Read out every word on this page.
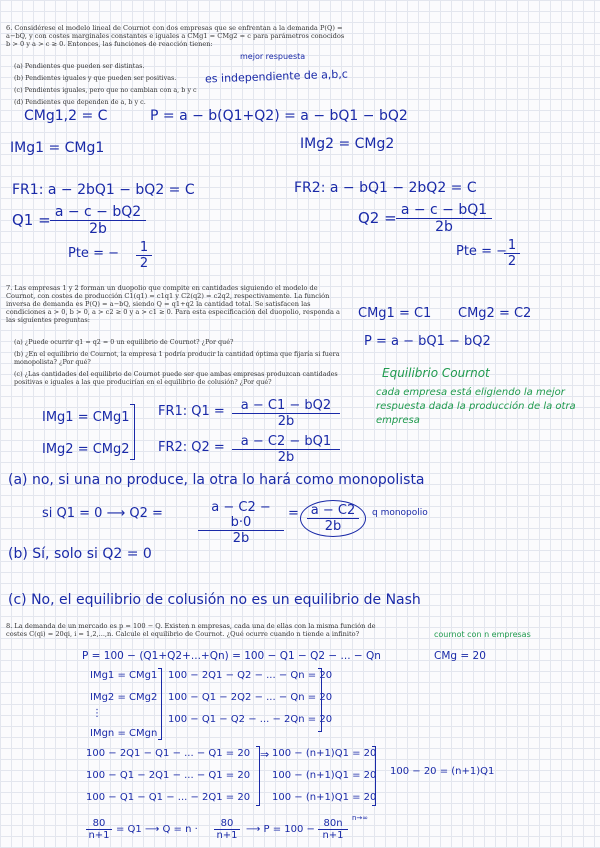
6. Considérese el modelo lineal de Cournot con dos empresas que se enfrentan a la demanda P(Q) = a−bQ, y con costes marginales constantes e iguales a CMg1 = CMg2 = c para parámetros conocidos b > 0 y a > c ≥ 0. Entonces, las funciones de reacción tienen:
mejor respuesta
(a) Pendientes que pueden ser distintas.
(b) Pendientes iguales y que pueden ser positivas.
(c) Pendientes iguales, pero que no cambian con a, b y c
(d) Pendientes que dependen de a, b y c.
es independiente de a,b,c
CMg1,2 = C	P = a − b(Q1+Q2) = a − bQ1 − bQ2
IMg1 = CMg1	IMg2 = CMg2
FR1: a − 2bQ1 − bQ2 = C	FR2: a − bQ1 − 2bQ2 = C
$Q1 = \frac{a - c - bQ2}{2b}$	$Q2 = \frac{a - c - bQ1}{2b}$
Pte = − $\frac{1}{2}$	Pte = −
$\frac{1}{2}$
7. Las empresas 1 y 2 forman un duopolio que compite en cantidades siguiendo el modelo de Cournot, con costes de producción C1(q1) = c1q1 y C2(q2) = c2q2, respectivamente. La función inversa de demanda es P(Q) = a−bQ, siendo Q = q1+q2 la cantidad total. Se satisfacen las condiciones a > 0, b > 0, a > c2 ≥ 0 y a > c1 ≥ 0. Para esta especificación del duopolio, responda a las siguientes preguntas:
(a) ¿Puede ocurrir q1 = q2 = 0 un equilibrio de Cournot? ¿Por qué?
(b) ¿En el equilibrio de Cournot, la empresa 1 podría producir la cantidad óptima que fijaría si fuera monopolista? ¿Por qué?
(c) ¿Las cantidades del equilibrio de Cournot puede ser que ambas empresas produzcan cantidades positivas e iguales a las que producirían en el equilibrio de colusión? ¿Por qué?
CMg1 = C1 CMg2 = C2
P = a − bQ1 − bQ2
Equilibrio Cournot
cada empresa está eligiendo la mejor respuesta dada la producción de la otra empresa
IMg1 = CMg1
IMg2 = CMg2
FR1: $Q1 = \frac{a - C1 - bQ2}{2b}$
FR2: $Q2 = \frac{a - C2 - bQ1}{2b}$
(a) no, si una no produce, la otra lo hará como monopolista
si Q1 = 0 ⟶ Q2 =	$\frac{a - C2 - b\cdot 0}{2b} = \frac{a - C2}{2b}$ q monopolio
(b) Sí, solo si Q2 = 0
(c) No, el equilibrio de colusión no es un equilibrio de Nash
8. La demanda de un mercado es p = 100 − Q. Existen n empresas, cada una de ellas con la misma función de costes C(qi) = 20qi, i = 1,2,...,n. Calcule el equilibrio de Cournot. ¿Qué ocurre cuando n tiende a infinito?	cournot con n empresas
P = 100 − (Q1+Q2+...+Qn) = 100 − Q1 − Q2 − ... − Qn	CMg = 20
IMg1 = CMg1
IMg2 = CMg2
⋮
IMgn = CMgn
100 − 2Q1 − Q2 − ... − Qn = 20
100 − Q1 − 2Q2 − ... − Qn = 20
100 − Q1 − Q2 − ... − 2Qn = 20
100 − 2Q1 − Q1 − ... − Q1 = 20
100 − Q1 − 2Q1 − ... − Q1 = 20
100 − Q1 − Q1 − ... − 2Q1 = 20
⇒ 100 − (n+1)Q1 = 20
100 − (n+1)Q1 = 20
100 − (n+1)Q1 = 20
100 − 20 = (n+1)Q1
$\frac{80}{n+1} = Q1$ ⟶ $Q = n \cdot \frac{80}{n+1}$ ⟶ $P = 100 - \frac{80n}{n+1} n\to\infty$
